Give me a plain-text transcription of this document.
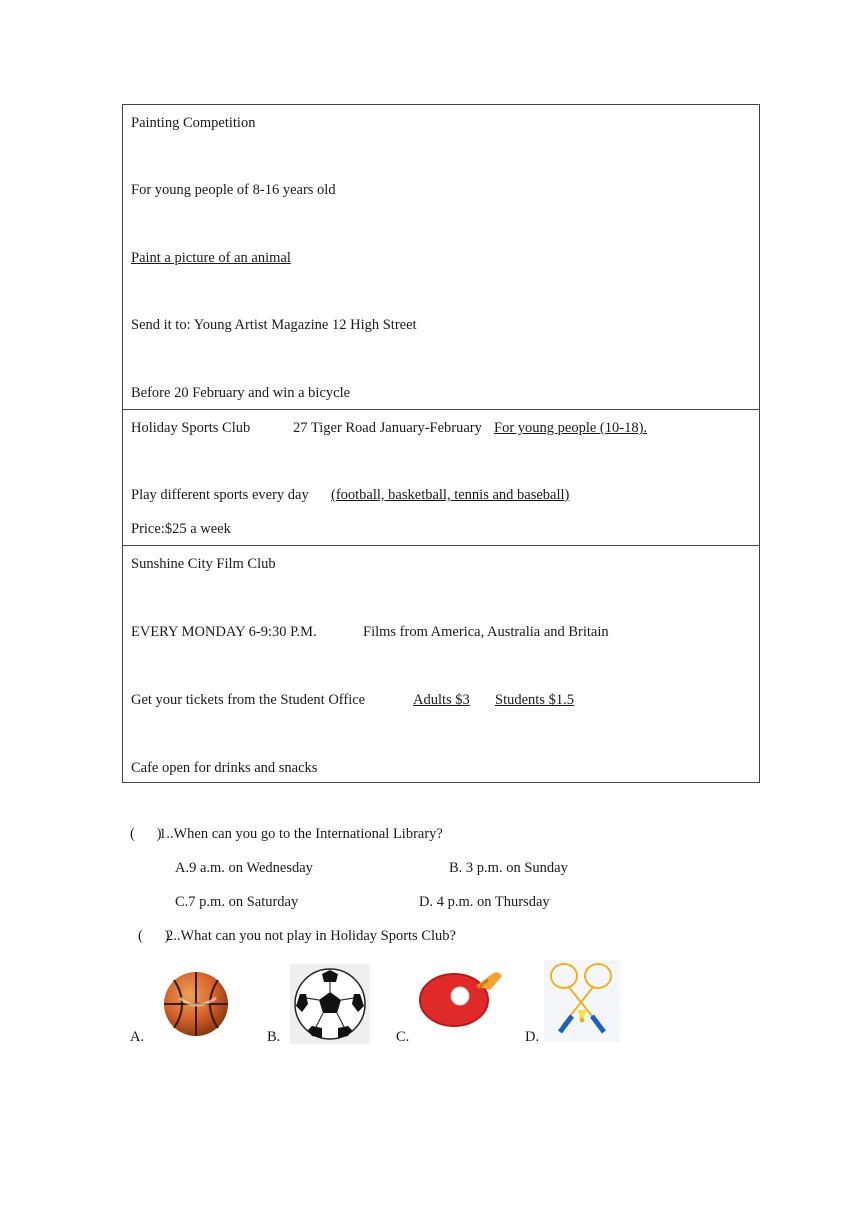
Painting Competition
For young people of 8-16 years old
Paint a picture of an animal
Send it to: Young Artist Magazine 12 High Street
Before 20 February and win a bicycle
Holiday Sports Club	27 Tiger Road January-February For young people (10-18).
Play different sports every day (football, basketball, tennis and baseball)
Price:$25 a week
Sunshine City Film Club
EVERY MONDAY 6-9:30 P.M.	Films from America, Australia and Britain
Get your tickets from the Student Office	Adults $3 Students $1.5
Cafe open for drinks and snacks
(      )
1..When can you go to the International Library?
A.9 a.m. on Wednesday	B. 3 p.m. on Sunday
C.7 p.m. on Saturday	D. 4 p.m. on Thursday
(      )
2..What can you not play in Holiday Sports Club?
A.	B.	C.	D.
